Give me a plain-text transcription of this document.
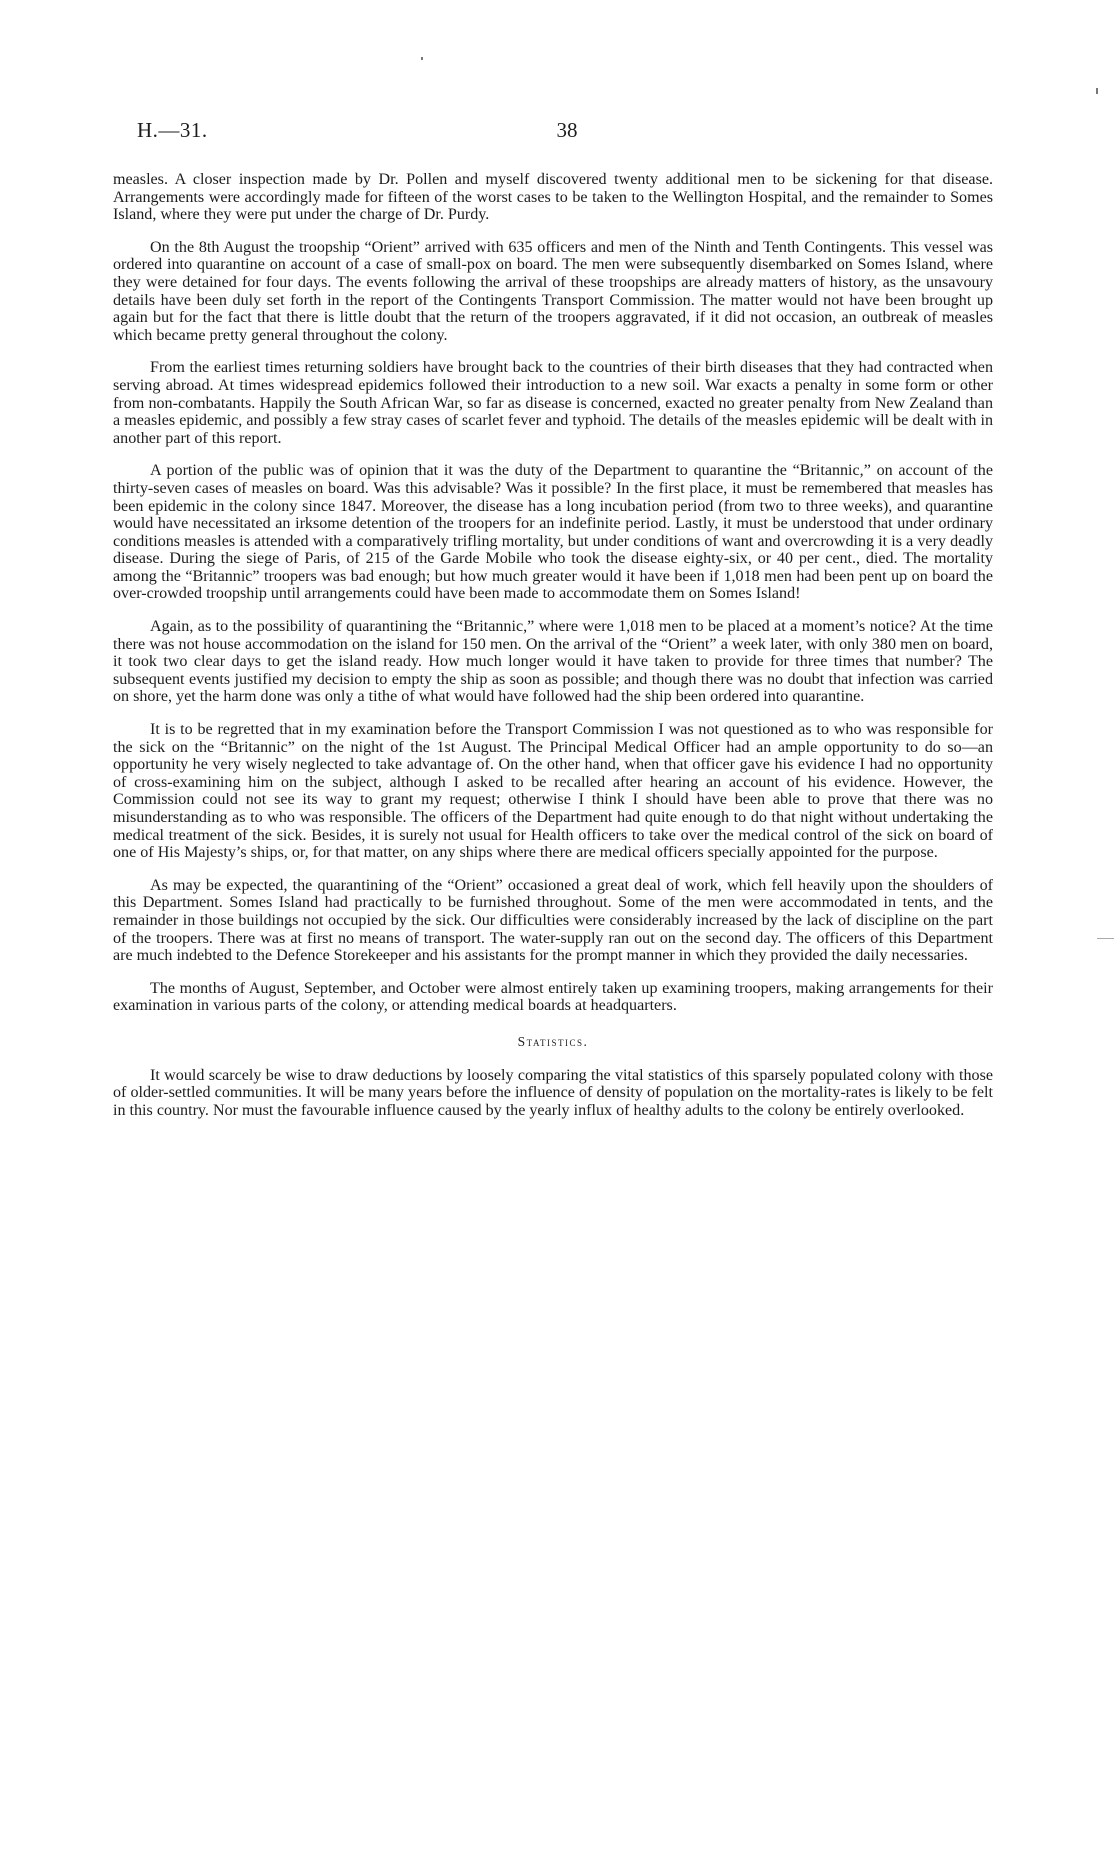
H.—31.	38

measles. A closer inspection made by Dr. Pollen and myself discovered twenty additional men to be sickening for that disease. Arrangements were accordingly made for fifteen of the worst cases to be taken to the Wellington Hospital, and the remainder to Somes Island, where they were put under the charge of Dr. Purdy.

On the 8th August the troopship “Orient” arrived with 635 officers and men of the Ninth and Tenth Contingents. This vessel was ordered into quarantine on account of a case of small-pox on board. The men were subsequently disembarked on Somes Island, where they were detained for four days. The events following the arrival of these troopships are already matters of history, as the unsavoury details have been duly set forth in the report of the Contingents Transport Commission. The matter would not have been brought up again but for the fact that there is little doubt that the return of the troopers aggravated, if it did not occasion, an outbreak of measles which became pretty general throughout the colony.

From the earliest times returning soldiers have brought back to the countries of their birth diseases that they had contracted when serving abroad. At times widespread epidemics followed their introduction to a new soil. War exacts a penalty in some form or other from non-combatants. Happily the South African War, so far as disease is concerned, exacted no greater penalty from New Zealand than a measles epidemic, and possibly a few stray cases of scarlet fever and typhoid. The details of the measles epidemic will be dealt with in another part of this report.

A portion of the public was of opinion that it was the duty of the Department to quarantine the “Britannic,” on account of the thirty-seven cases of measles on board. Was this advisable? Was it possible? In the first place, it must be remembered that measles has been epidemic in the colony since 1847. Moreover, the disease has a long incubation period (from two to three weeks), and quarantine would have necessitated an irksome detention of the troopers for an indefinite period. Lastly, it must be understood that under ordinary conditions measles is attended with a comparatively trifling mortality, but under conditions of want and overcrowding it is a very deadly disease. During the siege of Paris, of 215 of the Garde Mobile who took the disease eighty-six, or 40 per cent., died. The mortality among the “Britannic” troopers was bad enough; but how much greater would it have been if 1,018 men had been pent up on board the over-crowded troopship until arrangements could have been made to accommodate them on Somes Island!

Again, as to the possibility of quarantining the “Britannic,” where were 1,018 men to be placed at a moment’s notice? At the time there was not house accommodation on the island for 150 men. On the arrival of the “Orient” a week later, with only 380 men on board, it took two clear days to get the island ready. How much longer would it have taken to provide for three times that number? The subsequent events justified my decision to empty the ship as soon as possible; and though there was no doubt that infection was carried on shore, yet the harm done was only a tithe of what would have followed had the ship been ordered into quarantine.

It is to be regretted that in my examination before the Transport Commission I was not questioned as to who was responsible for the sick on the “Britannic” on the night of the 1st August. The Principal Medical Officer had an ample opportunity to do so—an opportunity he very wisely neglected to take advantage of. On the other hand, when that officer gave his evidence I had no opportunity of cross-examining him on the subject, although I asked to be recalled after hearing an account of his evidence. However, the Commission could not see its way to grant my request; otherwise I think I should have been able to prove that there was no misunderstanding as to who was responsible. The officers of the Department had quite enough to do that night without undertaking the medical treatment of the sick. Besides, it is surely not usual for Health officers to take over the medical control of the sick on board of one of His Majesty’s ships, or, for that matter, on any ships where there are medical officers specially appointed for the purpose.

As may be expected, the quarantining of the “Orient” occasioned a great deal of work, which fell heavily upon the shoulders of this Department. Somes Island had practically to be furnished throughout. Some of the men were accommodated in tents, and the remainder in those buildings not occupied by the sick. Our difficulties were considerably increased by the lack of discipline on the part of the troopers. There was at first no means of transport. The water-supply ran out on the second day. The officers of this Department are much indebted to the Defence Storekeeper and his assistants for the prompt manner in which they provided the daily necessaries.

The months of August, September, and October were almost entirely taken up examining troopers, making arrangements for their examination in various parts of the colony, or attending medical boards at headquarters.

Statistics.

It would scarcely be wise to draw deductions by loosely comparing the vital statistics of this sparsely populated colony with those of older-settled communities. It will be many years before the influence of density of population on the mortality-rates is likely to be felt in this country. Nor must the favourable influence caused by the yearly influx of healthy adults to the colony be entirely overlooked.
